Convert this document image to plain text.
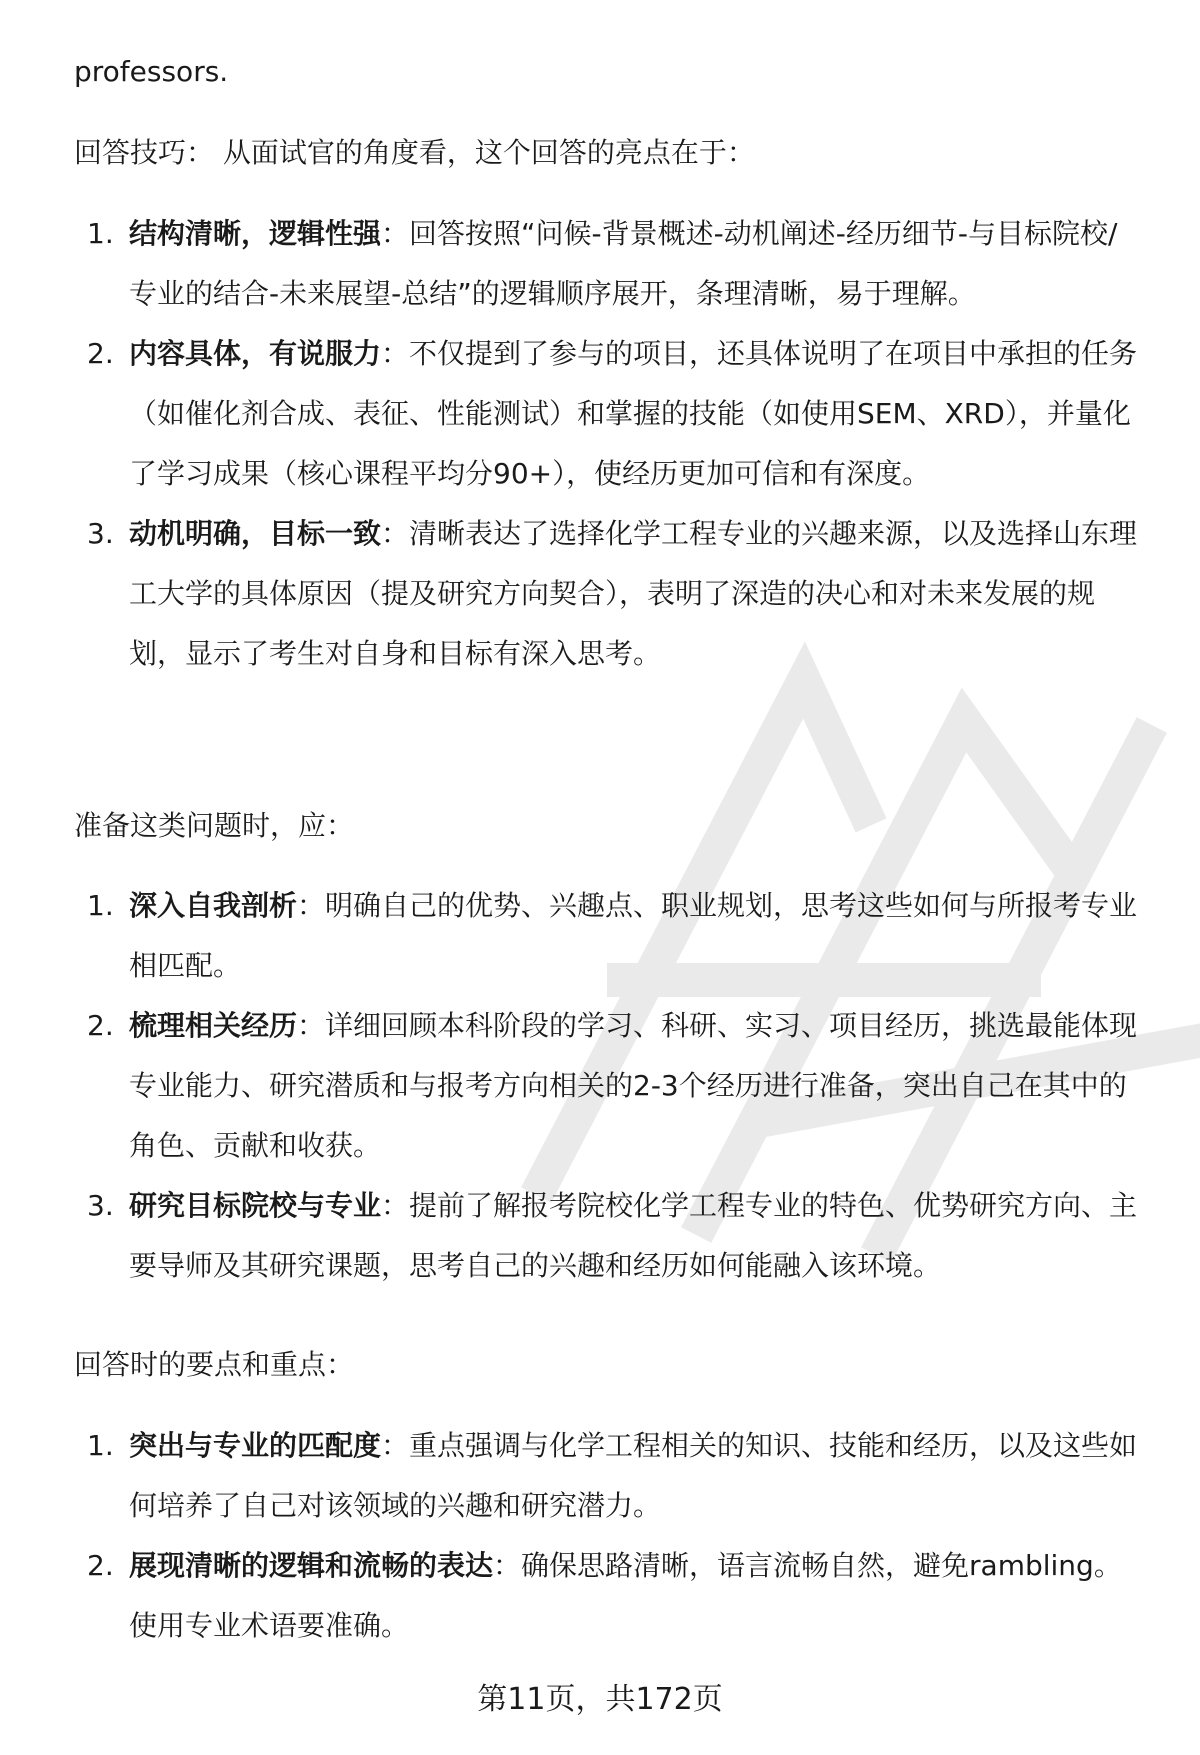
professors.
回答技巧： 从面试官的角度看，这个回答的亮点在于：
1. 结构清晰，逻辑性强：回答按照“问候-背景概述-动机阐述-经历细节-与目标院校/专业的结合-未来展望-总结”的逻辑顺序展开，条理清晰，易于理解。
2. 内容具体，有说服力：不仅提到了参与的项目，还具体说明了在项目中承担的任务（如催化剂合成、表征、性能测试）和掌握的技能（如使用SEM、XRD），并量化了学习成果（核心课程平均分90+），使经历更加可信和有深度。
3. 动机明确，目标一致：清晰表达了选择化学工程专业的兴趣来源，以及选择山东理工大学的具体原因（提及研究方向契合），表明了深造的决心和对未来发展的规划，显示了考生对自身和目标有深入思考。
准备这类问题时，应：
1. 深入自我剖析：明确自己的优势、兴趣点、职业规划，思考这些如何与所报考专业相匹配。
2. 梳理相关经历：详细回顾本科阶段的学习、科研、实习、项目经历，挑选最能体现专业能力、研究潜质和与报考方向相关的2-3个经历进行准备，突出自己在其中的角色、贡献和收获。
3. 研究目标院校与专业：提前了解报考院校化学工程专业的特色、优势研究方向、主要导师及其研究课题，思考自己的兴趣和经历如何能融入该环境。
回答时的要点和重点：
1. 突出与专业的匹配度：重点强调与化学工程相关的知识、技能和经历，以及这些如何培养了自己对该领域的兴趣和研究潜力。
2. 展现清晰的逻辑和流畅的表达：确保思路清晰，语言流畅自然，避免rambling。使用专业术语要准确。
第11页，共172页
